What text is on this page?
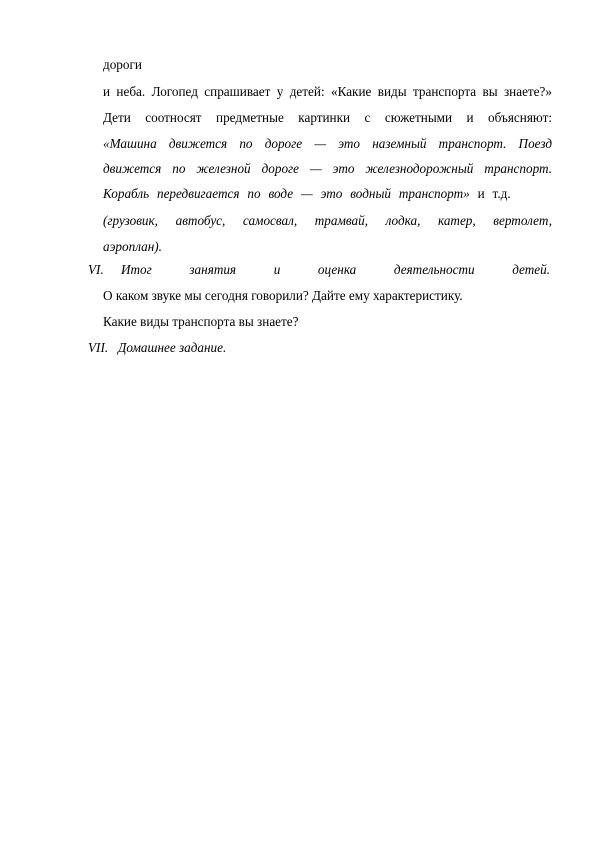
дороги
и неба. Логопед спрашивает у детей: «Какие виды транспорта вы знаете?»
Дети соотносят предметные картинки с сюжетными и объясняют:
«Машина движется по дороге — это наземный транспорт. Поезд
движется по железной дороге — это железнодорожный транспорт.
Корабль передвигается по воде — это водный транспорт» и т.д.
(грузовик, автобус, самосвал, трамвай, лодка, катер, вертолет,
аэроплан).
VI. Итог занятия и оценка деятельности детей.
О каком звуке мы сегодня говорили? Дайте ему характеристику.
Какие виды транспорта вы знаете?
VII. Домашнее задание.
